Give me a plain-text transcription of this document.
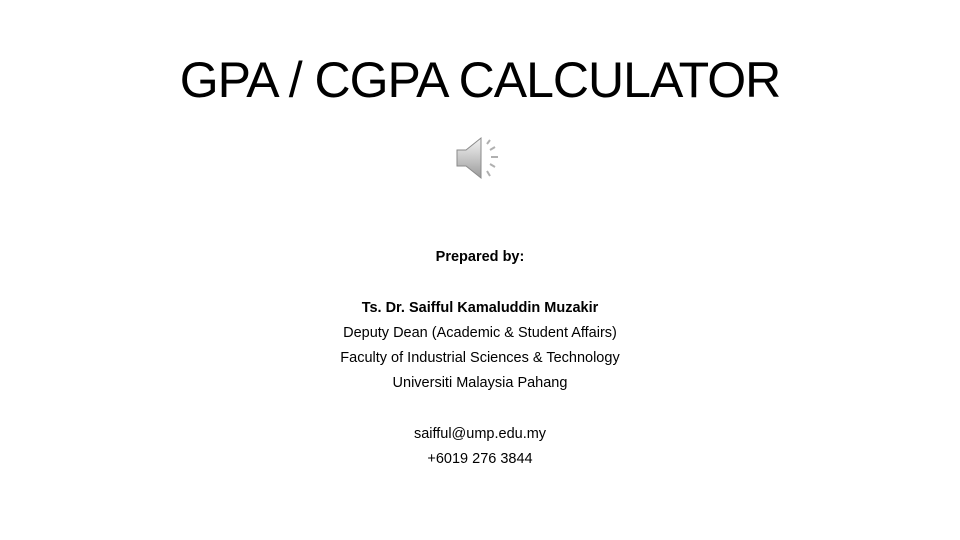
GPA / CGPA CALCULATOR
Prepared by:
Ts. Dr. Saifful Kamaluddin Muzakir
Deputy Dean (Academic & Student Affairs)
Faculty of Industrial Sciences & Technology
Universiti Malaysia Pahang
saifful@ump.edu.my
+6019 276 3844
